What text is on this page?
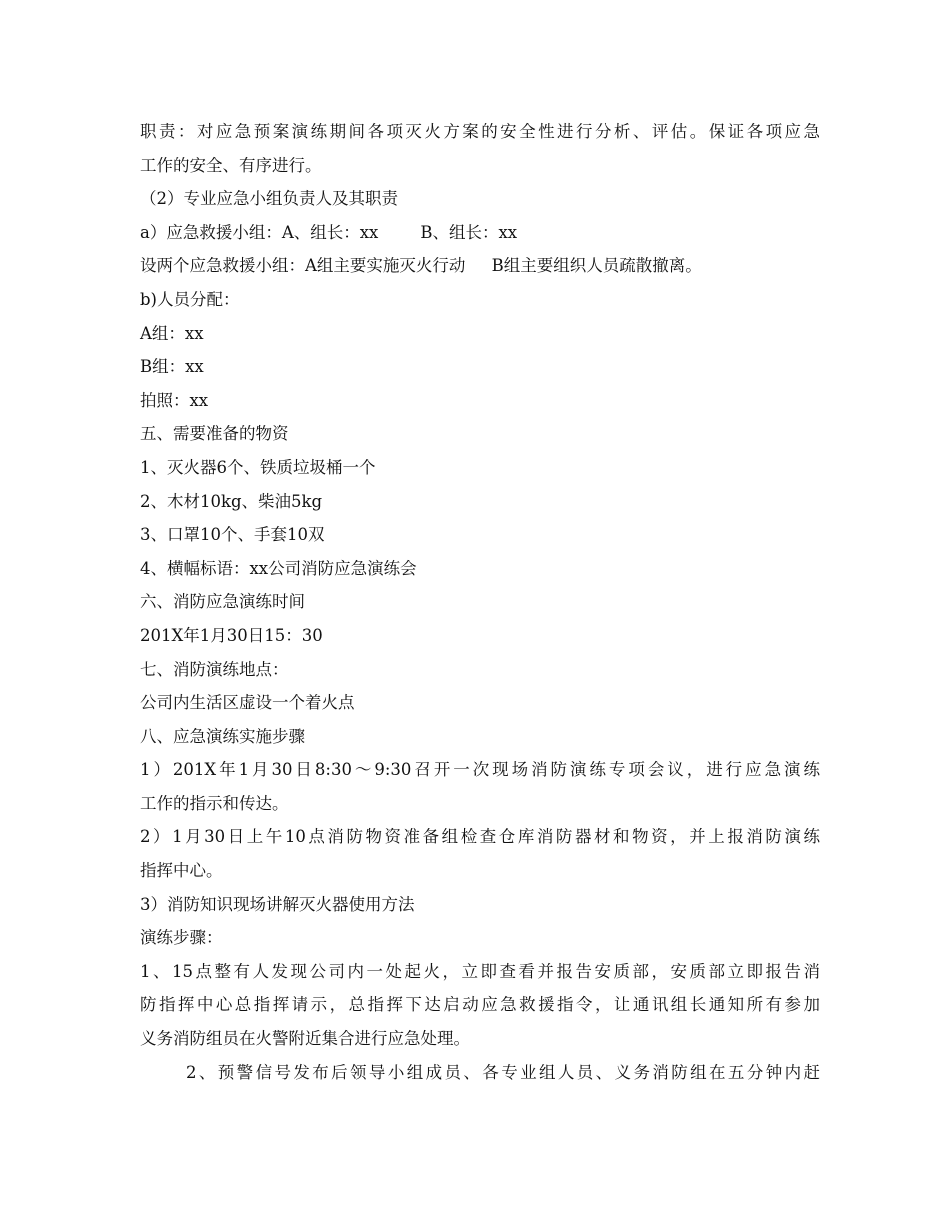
职责：对应急预案演练期间各项灭火方案的安全性进行分析、评估。保证各项应急
工作的安全、有序进行。
（2）专业应急小组负责人及其职责
a）应急救援小组：A、组长：xx        B、组长：xx
设两个应急救援小组：A组主要实施灭火行动     B组主要组织人员疏散撤离。
b)人员分配：
A组：xx
B组：xx
拍照：xx
五、需要准备的物资
1、灭火器6个、铁质垃圾桶一个
2、木材10kg、柴油5kg
3、口罩10个、手套10双
4、横幅标语：xx公司消防应急演练会
六、消防应急演练时间
201X年1月30日15：30
七、消防演练地点：
公司内生活区虚设一个着火点
八、应急演练实施步骤
1）201X年1月30日8:30～9:30召开一次现场消防演练专项会议，进行应急演练
工作的指示和传达。
2）1月30日上午10点消防物资准备组检查仓库消防器材和物资，并上报消防演练
指挥中心。
3）消防知识现场讲解灭火器使用方法
演练步骤：
1、15点整有人发现公司内一处起火，立即查看并报告安质部，安质部立即报告消
防指挥中心总指挥请示，总指挥下达启动应急救援指令，让通讯组长通知所有参加
义务消防组员在火警附近集合进行应急处理。
2、预警信号发布后领导小组成员、各专业组人员、义务消防组在五分钟内赶
